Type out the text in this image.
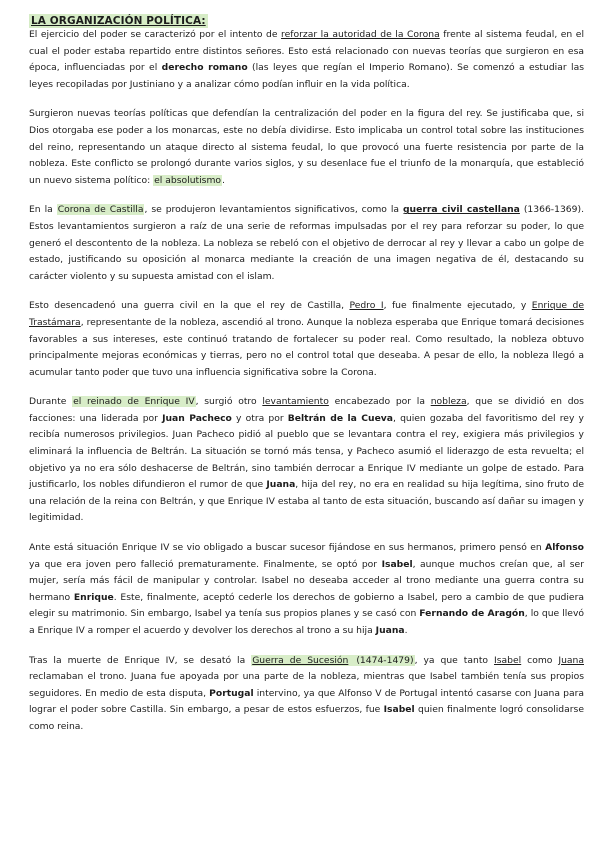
LA ORGANIZACIÓN POLÍTICA:

El ejercicio del poder se caracterizó por el intento de reforzar la autoridad de la Corona frente al sistema feudal, en el cual el poder estaba repartido entre distintos señores. Esto está relacionado con nuevas teorías que surgieron en esa época, influenciadas por el derecho romano (las leyes que regían el Imperio Romano). Se comenzó a estudiar las leyes recopiladas por Justiniano y a analizar cómo podían influir en la vida política.

Surgieron nuevas teorías políticas que defendían la centralización del poder en la figura del rey. Se justificaba que, si Dios otorgaba ese poder a los monarcas, este no debía dividirse. Esto implicaba un control total sobre las instituciones del reino, representando un ataque directo al sistema feudal, lo que provocó una fuerte resistencia por parte de la nobleza. Este conflicto se prolongó durante varios siglos, y su desenlace fue el triunfo de la monarquía, que estableció un nuevo sistema político: el absolutismo.

En la Corona de Castilla, se produjeron levantamientos significativos, como la guerra civil castellana (1366-1369). Estos levantamientos surgieron a raíz de una serie de reformas impulsadas por el rey para reforzar su poder, lo que generó el descontento de la nobleza. La nobleza se rebeló con el objetivo de derrocar al rey y llevar a cabo un golpe de estado, justificando su oposición al monarca mediante la creación de una imagen negativa de él, destacando su carácter violento y su supuesta amistad con el islam.

Esto desencadenó una guerra civil en la que el rey de Castilla, Pedro I, fue finalmente ejecutado, y Enrique de Trastámara, representante de la nobleza, ascendió al trono. Aunque la nobleza esperaba que Enrique tomará decisiones favorables a sus intereses, este continuó tratando de fortalecer su poder real. Como resultado, la nobleza obtuvo principalmente mejoras económicas y tierras, pero no el control total que deseaba. A pesar de ello, la nobleza llegó a acumular tanto poder que tuvo una influencia significativa sobre la Corona.

Durante el reinado de Enrique IV, surgió otro levantamiento encabezado por la nobleza, que se dividió en dos facciones: una liderada por Juan Pacheco y otra por Beltrán de la Cueva, quien gozaba del favoritismo del rey y recibía numerosos privilegios. Juan Pacheco pidió al pueblo que se levantara contra el rey, exigiera más privilegios y eliminará la influencia de Beltrán. La situación se tornó más tensa, y Pacheco asumió el liderazgo de esta revuelta; el objetivo ya no era sólo deshacerse de Beltrán, sino también derrocar a Enrique IV mediante un golpe de estado. Para justificarlo, los nobles difundieron el rumor de que Juana, hija del rey, no era en realidad su hija legítima, sino fruto de una relación de la reina con Beltrán, y que Enrique IV estaba al tanto de esta situación, buscando así dañar su imagen y legitimidad.

Ante está situación Enrique IV se vio obligado a buscar sucesor fijándose en sus hermanos, primero pensó en Alfonso ya que era joven pero falleció prematuramente. Finalmente, se optó por Isabel, aunque muchos creían que, al ser mujer, sería más fácil de manipular y controlar. Isabel no deseaba acceder al trono mediante una guerra contra su hermano Enrique. Este, finalmente, aceptó cederle los derechos de gobierno a Isabel, pero a cambio de que pudiera elegir su matrimonio. Sin embargo, Isabel ya tenía sus propios planes y se casó con Fernando de Aragón, lo que llevó a Enrique IV a romper el acuerdo y devolver los derechos al trono a su hija Juana.

Tras la muerte de Enrique IV, se desató la Guerra de Sucesión (1474-1479), ya que tanto Isabel como Juana reclamaban el trono. Juana fue apoyada por una parte de la nobleza, mientras que Isabel también tenía sus propios seguidores. En medio de esta disputa, Portugal intervino, ya que Alfonso V de Portugal intentó casarse con Juana para lograr el poder sobre Castilla. Sin embargo, a pesar de estos esfuerzos, fue Isabel quien finalmente logró consolidarse como reina.
